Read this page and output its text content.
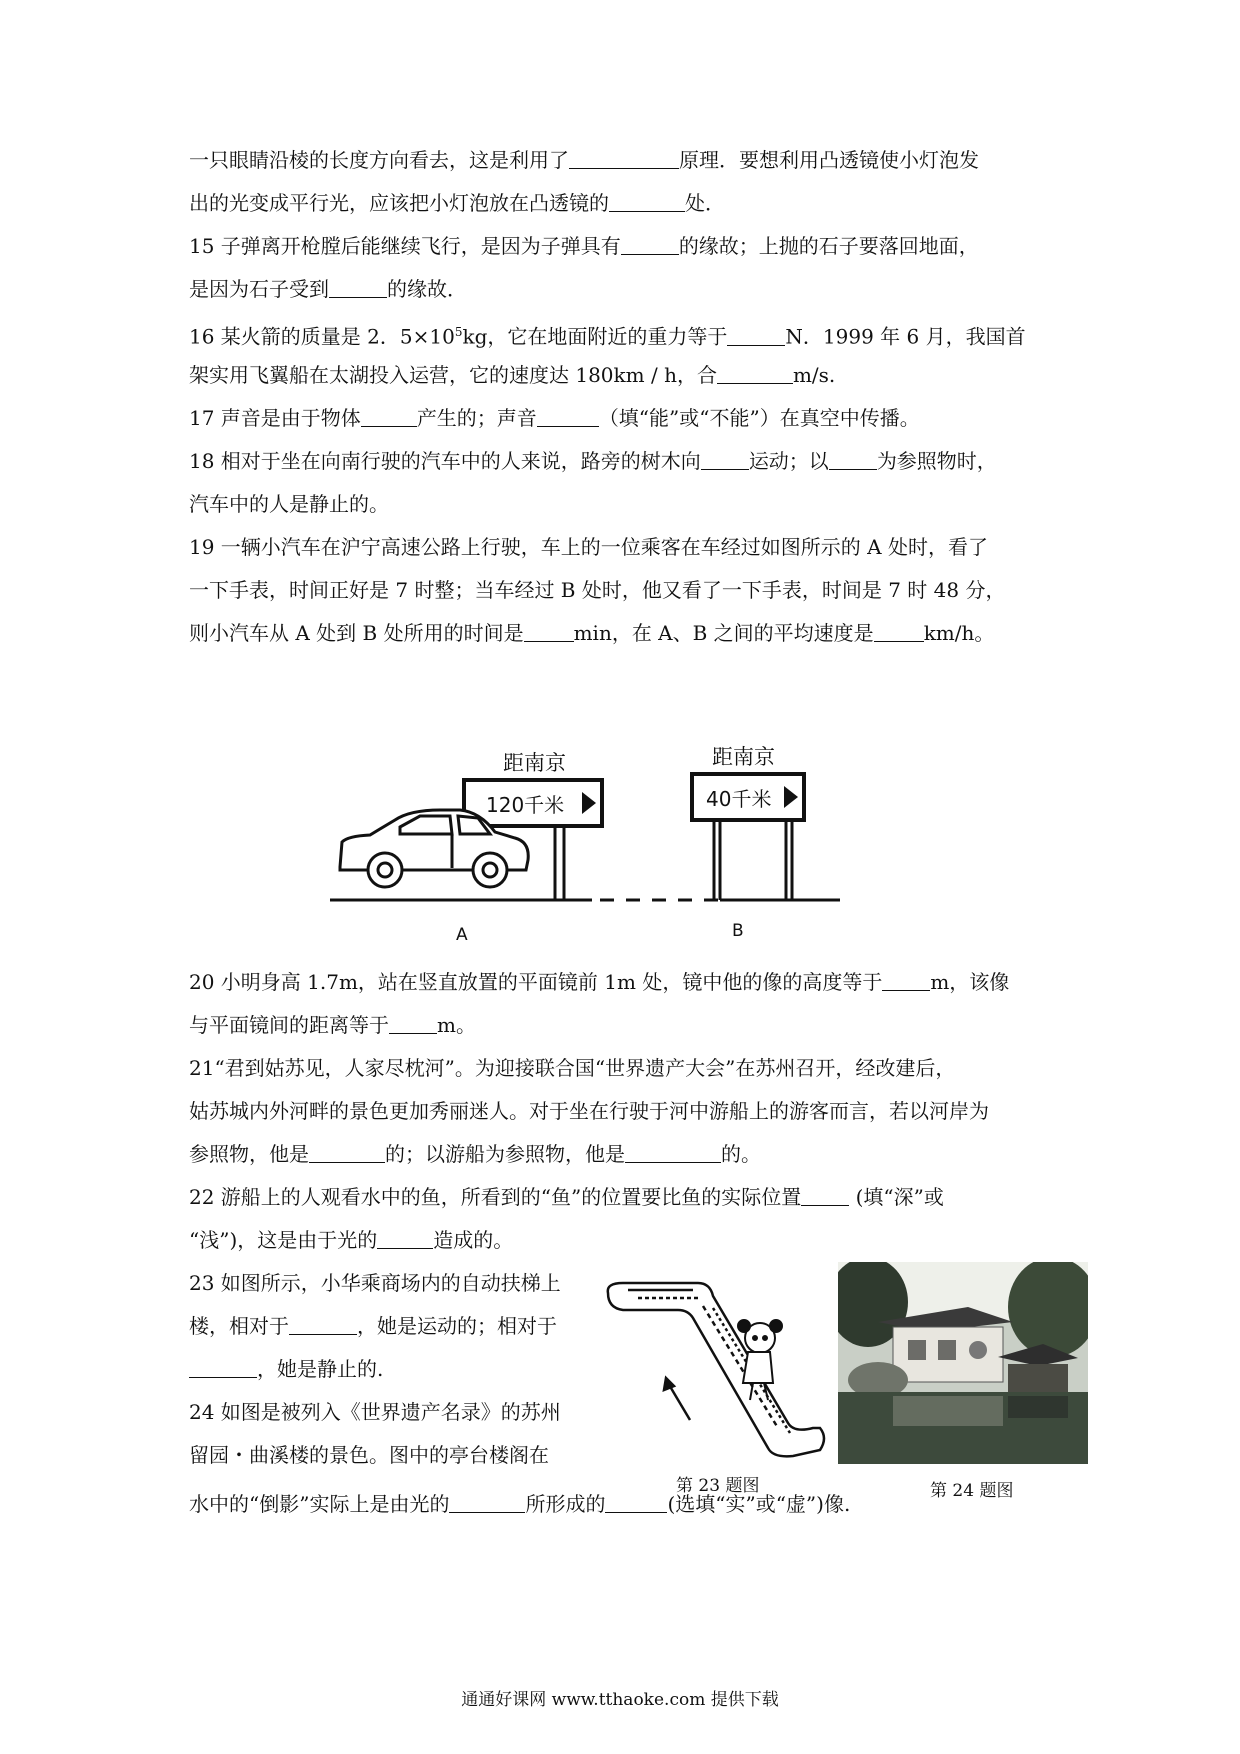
一只眼睛沿棱的长度方向看去，这是利用了	原理．要想利用凸透镜使小灯泡发
出的光变成平行光，应该把小灯泡放在凸透镜的	处．
15 子弹离开枪膛后能继续飞行，是因为子弹具有	的缘故；上抛的石子要落回地面，
是因为石子受到	的缘故．
16 某火箭的质量是 2．$5\times 10^5kg$，它在地面附近的重力等于	N．1999 年 6 月，我国首
架实用飞翼船在太湖投入运营，它的速度达 180km / h，合	m/s.
17 声音是由于物体	产生的；声音	（填“能”或“不能”）在真空中传播。
18 相对于坐在向南行驶的汽车中的人来说，路旁的树木向 运动；以 为参照物时，
汽车中的人是静止的。
19 一辆小汽车在沪宁高速公路上行驶，车上的一位乘客在车经过如图所示的 A 处时，看了
一下手表，时间正好是 7 时整；当车经过 B 处时，他又看了一下手表，时间是 7 时 48 分，
则小汽车从 A 处到 B 处所用的时间是	min，在 A、B 之间的平均速度是	km/h。
距南京
120千米
距南京
40千米
A	B
20 小明身高 1.7m，站在竖直放置的平面镜前 1m 处，镜中他的像的高度等于 m，该像
与平面镜间的距离等于 m。
21“君到姑苏见，人家尽枕河”。为迎接联合国“世界遗产大会”在苏州召开，经改建后，
姑苏城内外河畔的景色更加秀丽迷人。对于坐在行驶于河中游船上的游客而言，若以河岸为
参照物，他是	的；以游船为参照物，他是	的。
22 游船上的人观看水中的鱼，所看到的“鱼”的位置要比鱼的实际位置 (填“深”或
“浅”)，这是由于光的	造成的。
23 如图所示，小华乘商场内的自动扶梯上
楼，相对于	，她是运动的；相对于
，她是静止的.
24 如图是被列入《世界遗产名录》的苏州
留园・曲溪楼的景色。图中的亭台楼阁在
水中的“倒影”实际上是由光的	所形成的	(选填“实”或“虚”)像.
第 23 题图	第 24 题图
通通好课网 www.tthaoke.com 提供下载
